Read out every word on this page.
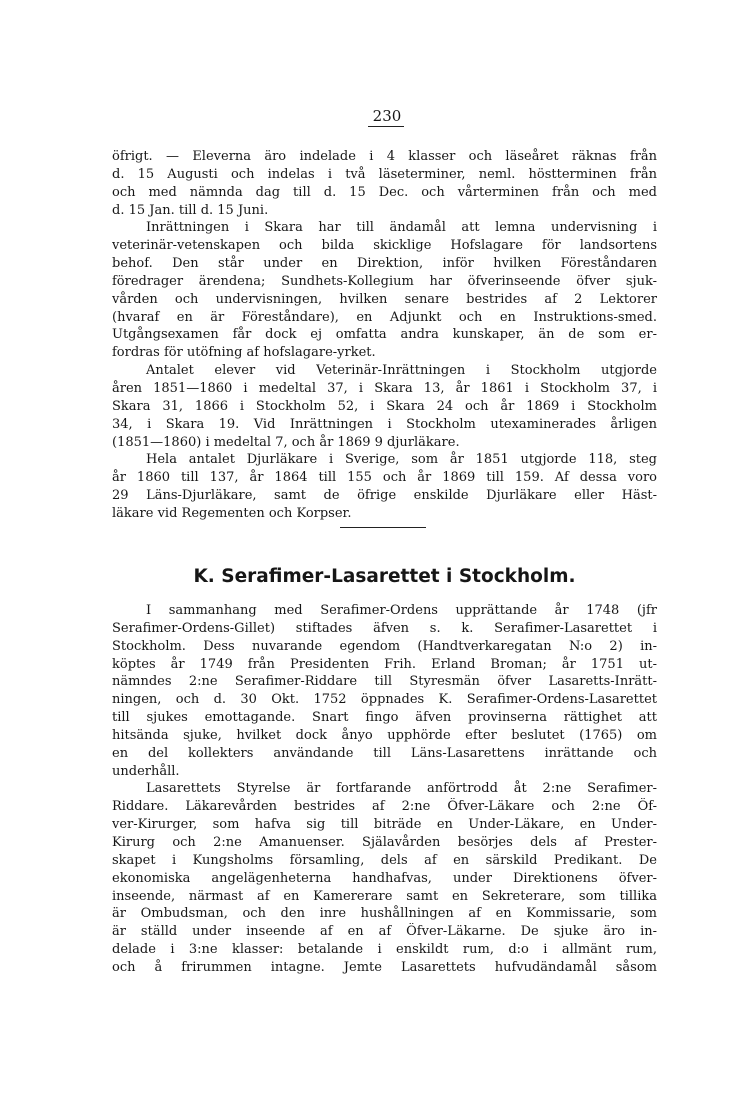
230

öfrigt. — Eleverna äro indelade i 4 klasser och läseåret räknas från

d. 15 Augusti och indelas i två läseterminer, neml. höstterminen från

och med nämnda dag till d. 15 Dec. och vårterminen från och med

d. 15 Jan. till d. 15 Juni.

Inrättningen i Skara har till ändamål att lemna undervisning i

veterinär-vetenskapen och bilda skicklige Hofslagare för landsortens

behof. Den står under en Direktion, inför hvilken Föreståndaren

föredrager ärendena; Sundhets-Kollegium har öfverinseende öfver sjuk-

vården och undervisningen, hvilken senare bestrides af 2 Lektorer

(hvaraf en är Föreståndare), en Adjunkt och en Instruktions-smed.

Utgångsexamen får dock ej omfatta andra kunskaper, än de som er-

fordras för utöfning af hofslagare-yrket.

Antalet elever vid Veterinär-Inrättningen i Stockholm utgjorde

åren 1851—1860 i medeltal 37, i Skara 13, år 1861 i Stockholm 37, i

Skara 31, 1866 i Stockholm 52, i Skara 24 och år 1869 i Stockholm

34, i Skara 19. Vid Inrättningen i Stockholm utexaminerades årligen

(1851—1860) i medeltal 7, och år 1869 9 djurläkare.

Hela antalet Djurläkare i Sverige, som år 1851 utgjorde 118, steg

år 1860 till 137, år 1864 till 155 och år 1869 till 159. Af dessa voro

29 Läns-Djurläkare, samt de öfrige enskilde Djurläkare eller Häst-

läkare vid Regementen och Korpser.

K. Serafimer-Lasarettet i Stockholm.

I sammanhang med Serafimer-Ordens upprättande år 1748 (jfr

Serafimer-Ordens-Gillet) stiftades äfven s. k. Serafimer-Lasarettet i

Stockholm. Dess nuvarande egendom (Handtverkaregatan N:o 2) in-

köptes år 1749 från Presidenten Frih. Erland Broman; år 1751 ut-

nämndes 2:ne Serafimer-Riddare till Styresmän öfver Lasaretts-Inrätt-

ningen, och d. 30 Okt. 1752 öppnades K. Serafimer-Ordens-Lasarettet

till sjukes emottagande. Snart fingo äfven provinserna rättighet att

hitsända sjuke, hvilket dock ånyo upphörde efter beslutet (1765) om

en del kollekters användande till Läns-Lasarettens inrättande och

underhåll.

Lasarettets Styrelse är fortfarande anförtrodd åt 2:ne Serafimer-

Riddare. Läkarevården bestrides af 2:ne Öfver-Läkare och 2:ne Öf-

ver-Kirurger, som hafva sig till biträde en Under-Läkare, en Under-

Kirurg och 2:ne Amanuenser. Själavården besörjes dels af Prester-

skapet i Kungsholms församling, dels af en särskild Predikant. De

ekonomiska angelägenheterna handhafvas, under Direktionens öfver-

inseende, närmast af en Kamererare samt en Sekreterare, som tillika

är Ombudsman, och den inre hushållningen af en Kommissarie, som

är ställd under inseende af en af Öfver-Läkarne. De sjuke äro in-

delade i 3:ne klasser: betalande i enskildt rum, d:o i allmänt rum,

och å frirummen intagne. Jemte Lasarettets hufvudändamål såsom
